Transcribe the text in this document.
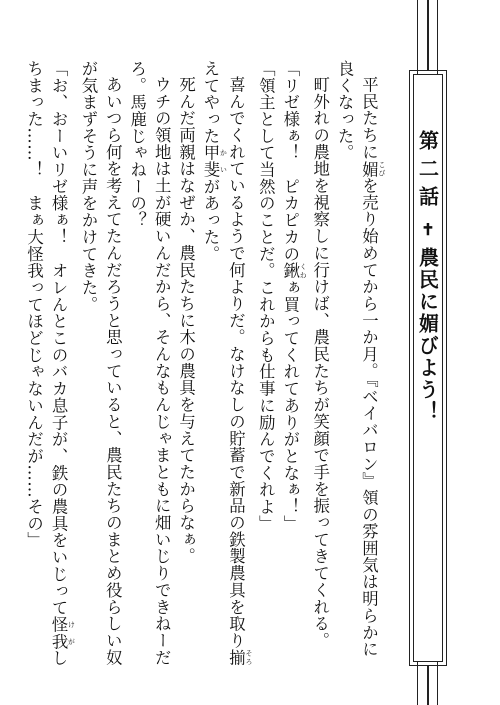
第二話
✝
農民に媚びよう！

平民たちに媚 こびを売り始めてから一か月。『ベイバロン』領の雰囲気は明らかに良くなった。

町外れの農地を視察しに行けば、農民たちが笑顔で手を振ってきてくれる。

「リゼ様ぁ！　ピカピカの鍬 くわぁ買ってくれてありがとなぁ！」

「領主として当然のことだ。これからも仕事に励んでくれよ」

喜んでくれているようで何よりだ。なけなしの貯蓄で新品の鉄製農具を取り揃 そろえてやった甲斐 かいがあった。

死んだ両親はなぜか、農民たちに木の農具を与えてたからなぁ。

ウチの領地は土が硬いんだから、そんなもんじゃまともに畑いじりできねーだろ。馬鹿じゃねーの？

あいつら何を考えてたんだろうと思っていると、農民たちのまとめ役らしい奴が気まずそうに声をかけてきた。

「お、おーいリゼ様ぁ！　オレんとこのバカ息子が、鉄の農具をいじって怪我 けがしちまった……！　まぁ大怪我ってほどじゃないんだが……その」
